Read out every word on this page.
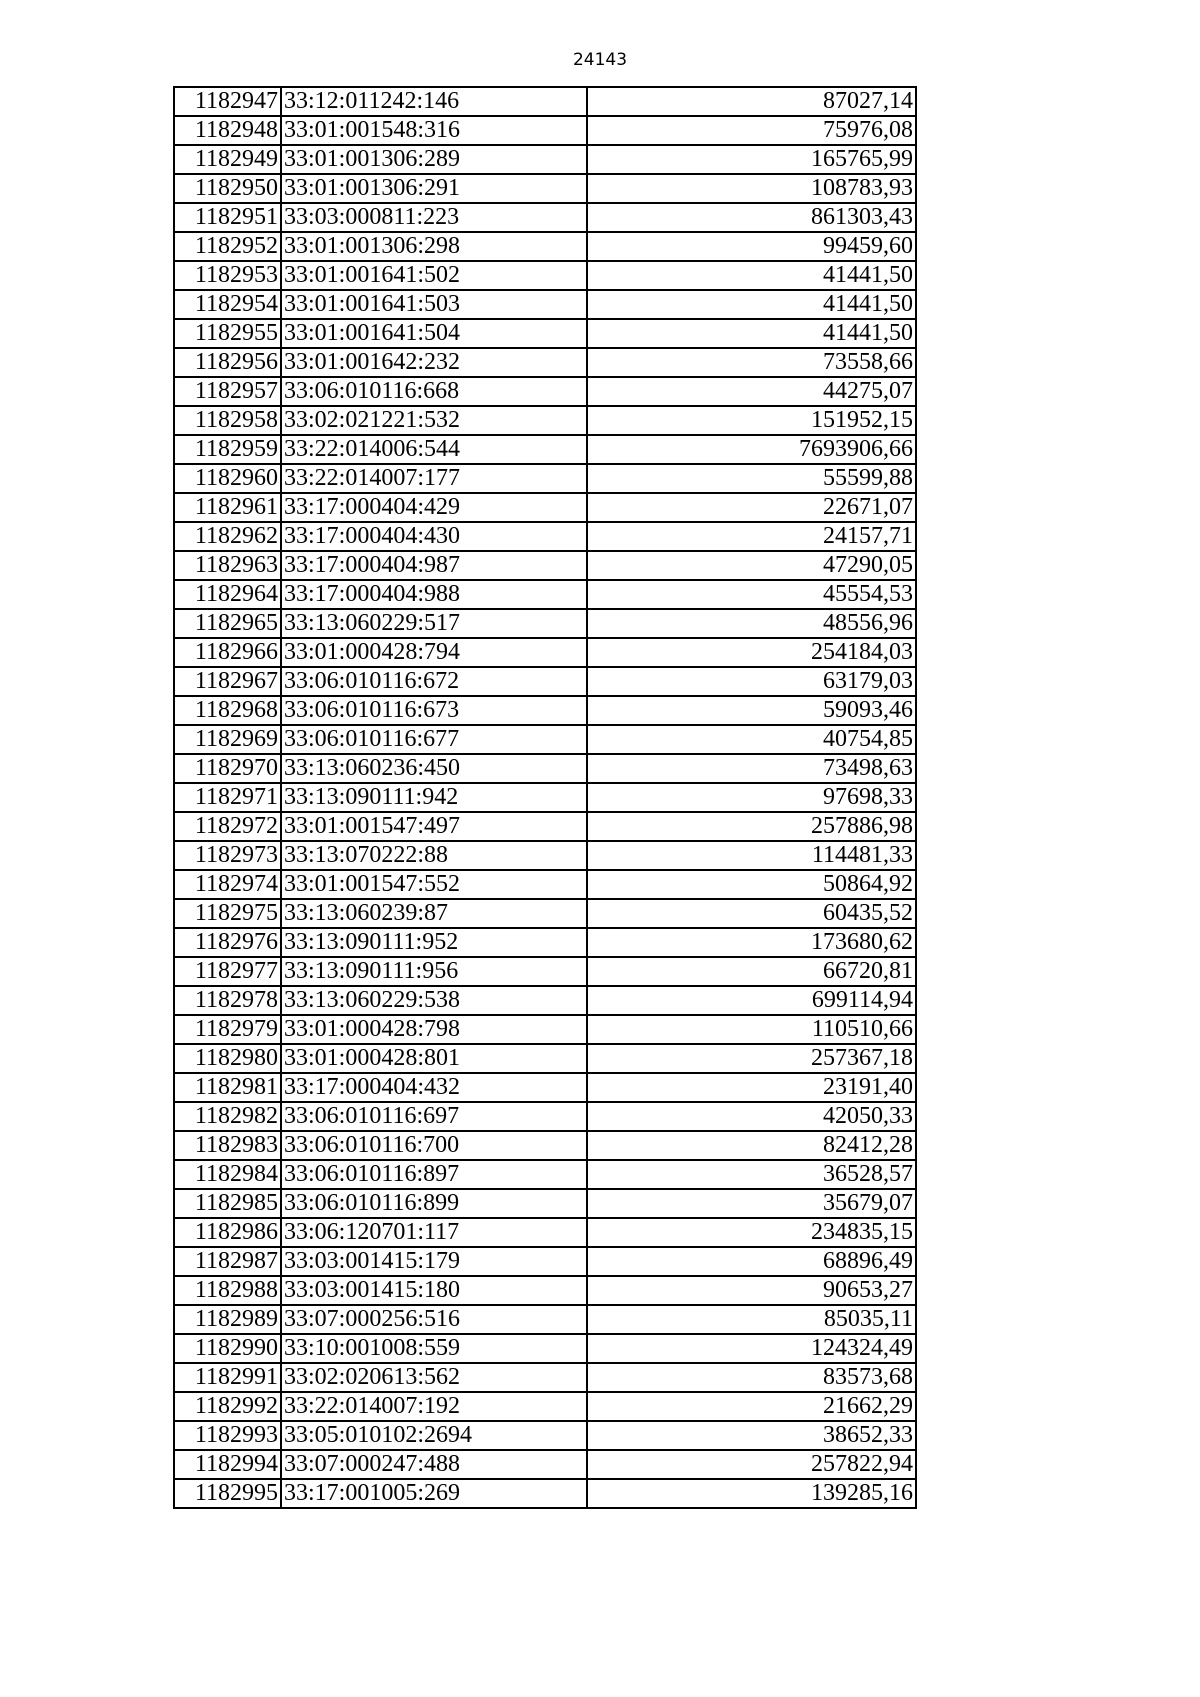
24143
1182947	33:12:011242:146	87027,14
1182948	33:01:001548:316	75976,08
1182949	33:01:001306:289	165765,99
1182950	33:01:001306:291	108783,93
1182951	33:03:000811:223	861303,43
1182952	33:01:001306:298	99459,60
1182953	33:01:001641:502	41441,50
1182954	33:01:001641:503	41441,50
1182955	33:01:001641:504	41441,50
1182956	33:01:001642:232	73558,66
1182957	33:06:010116:668	44275,07
1182958	33:02:021221:532	151952,15
1182959	33:22:014006:544	7693906,66
1182960	33:22:014007:177	55599,88
1182961	33:17:000404:429	22671,07
1182962	33:17:000404:430	24157,71
1182963	33:17:000404:987	47290,05
1182964	33:17:000404:988	45554,53
1182965	33:13:060229:517	48556,96
1182966	33:01:000428:794	254184,03
1182967	33:06:010116:672	63179,03
1182968	33:06:010116:673	59093,46
1182969	33:06:010116:677	40754,85
1182970	33:13:060236:450	73498,63
1182971	33:13:090111:942	97698,33
1182972	33:01:001547:497	257886,98
1182973	33:13:070222:88	114481,33
1182974	33:01:001547:552	50864,92
1182975	33:13:060239:87	60435,52
1182976	33:13:090111:952	173680,62
1182977	33:13:090111:956	66720,81
1182978	33:13:060229:538	699114,94
1182979	33:01:000428:798	110510,66
1182980	33:01:000428:801	257367,18
1182981	33:17:000404:432	23191,40
1182982	33:06:010116:697	42050,33
1182983	33:06:010116:700	82412,28
1182984	33:06:010116:897	36528,57
1182985	33:06:010116:899	35679,07
1182986	33:06:120701:117	234835,15
1182987	33:03:001415:179	68896,49
1182988	33:03:001415:180	90653,27
1182989	33:07:000256:516	85035,11
1182990	33:10:001008:559	124324,49
1182991	33:02:020613:562	83573,68
1182992	33:22:014007:192	21662,29
1182993	33:05:010102:2694	38652,33
1182994	33:07:000247:488	257822,94
1182995	33:17:001005:269	139285,16
